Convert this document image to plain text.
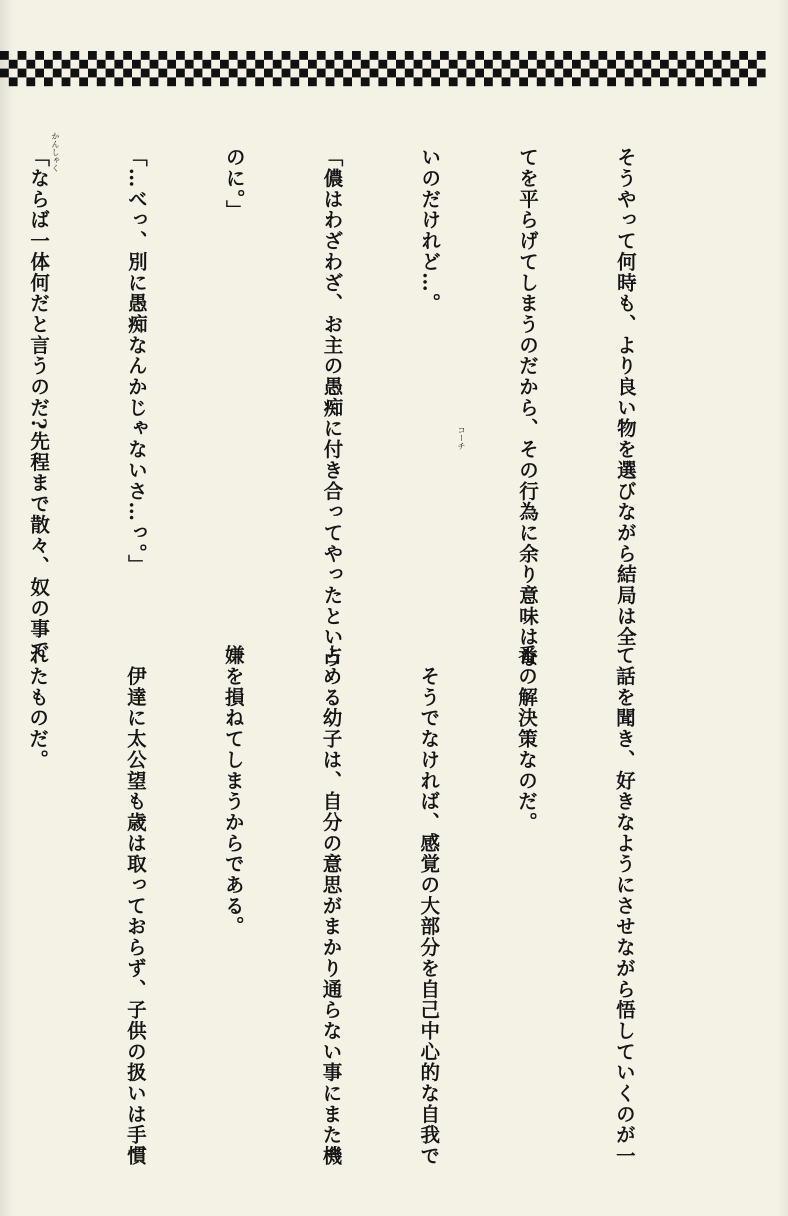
そうやって何時も、より良い物を選びながら結局は全

てを平らげてしまうのだから、その行為に余り意味はな

いのだけれど…。

「儂はわざわざ、お主の愚痴に付き合ってやったという

のに。」

「…べっ、別に愚痴なんかじゃないさ…っ。」

「ならば一体何だと言うのだ?先程まで散々、奴の事で

て話を聞き、好きなようにさせながら悟していくのが一

番の解決策なのだ。

　そうでなければ、感覚の大部分を自己中心的な自我で

占める幼子は、自分の意思がまかり通らない事にまた機

嫌を損ねてしまうからである。

　伊達に太公望も歳は取っておらず、子供の扱いは手慣

れたものだ。

コーチ
かんしゃく
